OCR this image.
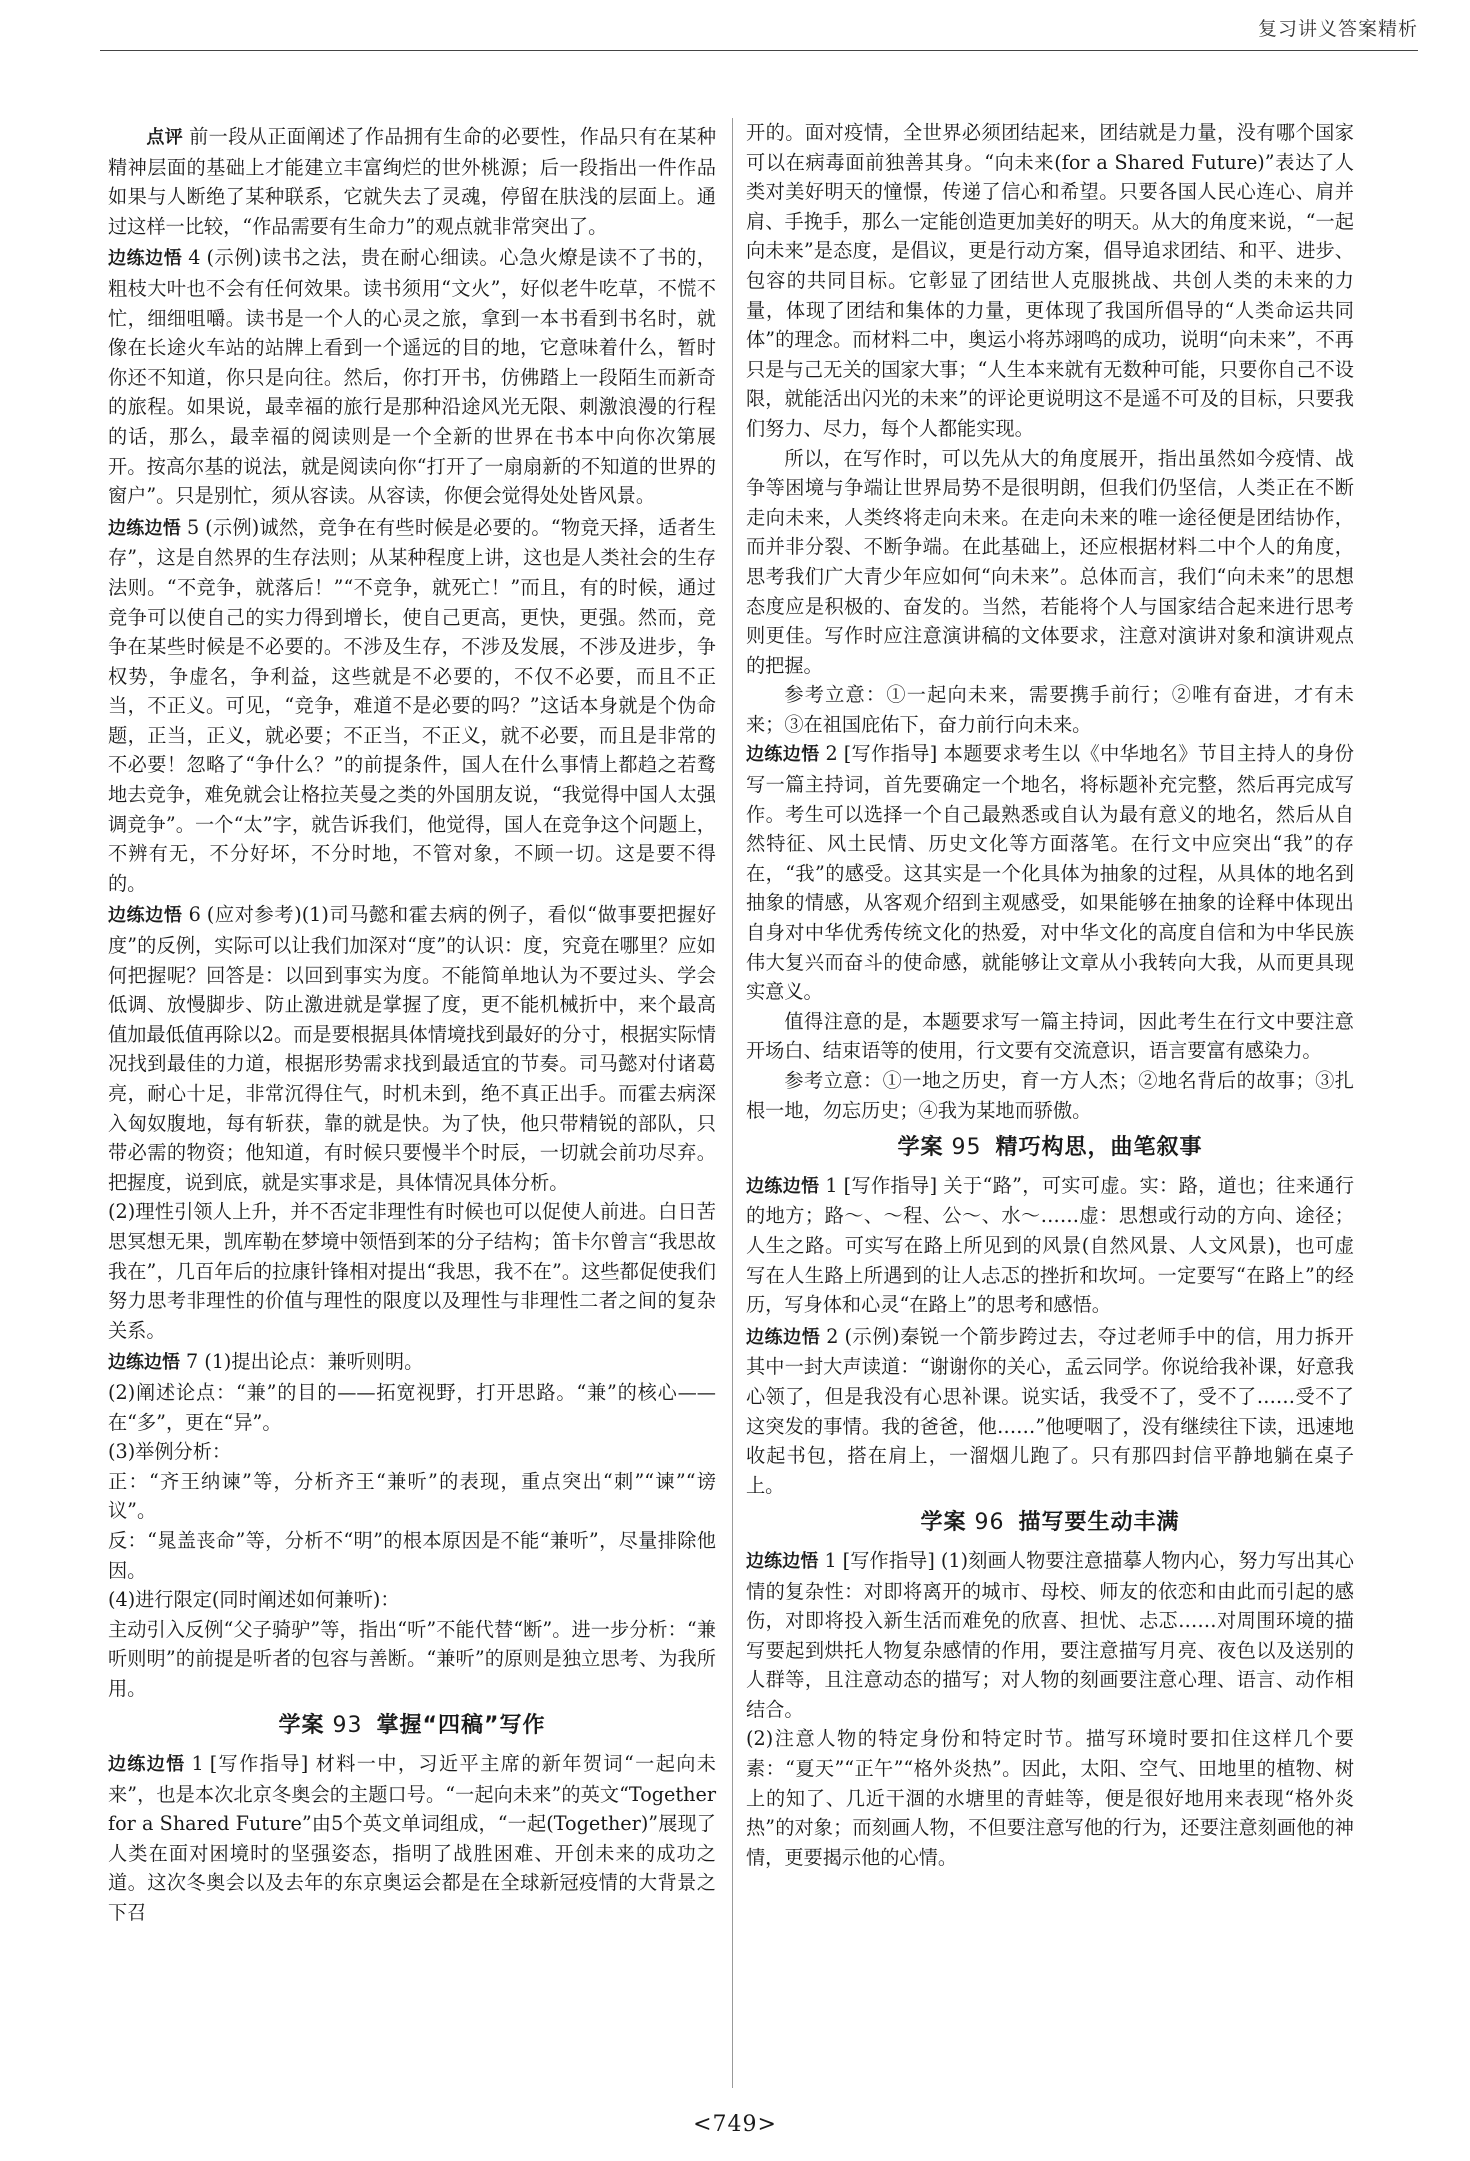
复习讲义答案精析

点评 前一段从正面阐述了作品拥有生命的必要性，作品只有在某种精神层面的基础上才能建立丰富绚烂的世外桃源；后一段指出一件作品如果与人断绝了某种联系，它就失去了灵魂，停留在肤浅的层面上。通过这样一比较，“作品需要有生命力”的观点就非常突出了。

边练边悟 4 (示例)读书之法，贵在耐心细读。心急火燎是读不了书的，粗枝大叶也不会有任何效果。读书须用“文火”，好似老牛吃草，不慌不忙，细细咀嚼。读书是一个人的心灵之旅，拿到一本书看到书名时，就像在长途火车站的站牌上看到一个遥远的目的地，它意味着什么，暂时你还不知道，你只是向往。然后，你打开书，仿佛踏上一段陌生而新奇的旅程。如果说，最幸福的旅行是那种沿途风光无限、刺激浪漫的行程的话，那么，最幸福的阅读则是一个全新的世界在书本中向你次第展开。按高尔基的说法，就是阅读向你“打开了一扇扇新的不知道的世界的窗户”。只是别忙，须从容读。从容读，你便会觉得处处皆风景。

边练边悟 5 (示例)诚然，竞争在有些时候是必要的。“物竞天择，适者生存”，这是自然界的生存法则；从某种程度上讲，这也是人类社会的生存法则。“不竞争，就落后！”“不竞争，就死亡！”而且，有的时候，通过竞争可以使自己的实力得到增长，使自己更高，更快，更强。然而，竞争在某些时候是不必要的。不涉及生存，不涉及发展，不涉及进步，争权势，争虚名，争利益，这些就是不必要的，不仅不必要，而且不正当，不正义。可见，“竞争，难道不是必要的吗？”这话本身就是个伪命题，正当，正义，就必要；不正当，不正义，就不必要，而且是非常的不必要！忽略了“争什么？”的前提条件，国人在什么事情上都趋之若鹜地去竞争，难免就会让格拉芙曼之类的外国朋友说，“我觉得中国人太强调竞争”。一个“太”字，就告诉我们，他觉得，国人在竞争这个问题上，不辨有无，不分好坏，不分时地，不管对象，不顾一切。这是要不得的。

边练边悟 6 (应对参考)(1)司马懿和霍去病的例子，看似“做事要把握好度”的反例，实际可以让我们加深对“度”的认识：度，究竟在哪里？应如何把握呢？回答是：以回到事实为度。不能简单地认为不要过头、学会低调、放慢脚步、防止激进就是掌握了度，更不能机械折中，来个最高值加最低值再除以2。而是要根据具体情境找到最好的分寸，根据实际情况找到最佳的力道，根据形势需求找到最适宜的节奏。司马懿对付诸葛亮，耐心十足，非常沉得住气，时机未到，绝不真正出手。而霍去病深入匈奴腹地，每有斩获，靠的就是快。为了快，他只带精锐的部队，只带必需的物资；他知道，有时候只要慢半个时辰，一切就会前功尽弃。把握度，说到底，就是实事求是，具体情况具体分析。

(2)理性引领人上升，并不否定非理性有时候也可以促使人前进。白日苦思冥想无果，凯库勒在梦境中领悟到苯的分子结构；笛卡尔曾言“我思故我在”，几百年后的拉康针锋相对提出“我思，我不在”。这些都促使我们努力思考非理性的价值与理性的限度以及理性与非理性二者之间的复杂关系。

边练边悟 7 (1)提出论点：兼听则明。

(2)阐述论点：“兼”的目的——拓宽视野，打开思路。“兼”的核心——在“多”，更在“异”。

(3)举例分析：

正：“齐王纳谏”等，分析齐王“兼听”的表现，重点突出“刺”“谏”“谤议”。

反：“晁盖丧命”等，分析不“明”的根本原因是不能“兼听”，尽量排除他因。

(4)进行限定(同时阐述如何兼听)：

主动引入反例“父子骑驴”等，指出“听”不能代替“断”。进一步分析：“兼听则明”的前提是听者的包容与善断。“兼听”的原则是独立思考、为我所用。

学案 93 掌握“四稿”写作

边练边悟 1 [写作指导] 材料一中，习近平主席的新年贺词“一起向未来”，也是本次北京冬奥会的主题口号。“一起向未来”的英文“Together for a Shared Future”由5个英文单词组成，“一起(Together)”展现了人类在面对困境时的坚强姿态，指明了战胜困难、开创未来的成功之道。这次冬奥会以及去年的东京奥运会都是在全球新冠疫情的大背景之下召

开的。面对疫情，全世界必须团结起来，团结就是力量，没有哪个国家可以在病毒面前独善其身。“向未来(for a Shared Future)”表达了人类对美好明天的憧憬，传递了信心和希望。只要各国人民心连心、肩并肩、手挽手，那么一定能创造更加美好的明天。从大的角度来说，“一起向未来”是态度，是倡议，更是行动方案，倡导追求团结、和平、进步、包容的共同目标。它彰显了团结世人克服挑战、共创人类的未来的力量，体现了团结和集体的力量，更体现了我国所倡导的“人类命运共同体”的理念。而材料二中，奥运小将苏翊鸣的成功，说明“向未来”，不再只是与己无关的国家大事；“人生本来就有无数种可能，只要你自己不设限，就能活出闪光的未来”的评论更说明这不是遥不可及的目标，只要我们努力、尽力，每个人都能实现。

所以，在写作时，可以先从大的角度展开，指出虽然如今疫情、战争等困境与争端让世界局势不是很明朗，但我们仍坚信，人类正在不断走向未来，人类终将走向未来。在走向未来的唯一途径便是团结协作，而并非分裂、不断争端。在此基础上，还应根据材料二中个人的角度，思考我们广大青少年应如何“向未来”。总体而言，我们“向未来”的思想态度应是积极的、奋发的。当然，若能将个人与国家结合起来进行思考则更佳。写作时应注意演讲稿的文体要求，注意对演讲对象和演讲观点的把握。

参考立意：①一起向未来，需要携手前行；②唯有奋进，才有未来；③在祖国庇佑下，奋力前行向未来。

边练边悟 2 [写作指导] 本题要求考生以《中华地名》节目主持人的身份写一篇主持词，首先要确定一个地名，将标题补充完整，然后再完成写作。考生可以选择一个自己最熟悉或自认为最有意义的地名，然后从自然特征、风土民情、历史文化等方面落笔。在行文中应突出“我”的存在，“我”的感受。这其实是一个化具体为抽象的过程，从具体的地名到抽象的情感，从客观介绍到主观感受，如果能够在抽象的诠释中体现出自身对中华优秀传统文化的热爱，对中华文化的高度自信和为中华民族伟大复兴而奋斗的使命感，就能够让文章从小我转向大我，从而更具现实意义。

值得注意的是，本题要求写一篇主持词，因此考生在行文中要注意开场白、结束语等的使用，行文要有交流意识，语言要富有感染力。

参考立意：①一地之历史，育一方人杰；②地名背后的故事；③扎根一地，勿忘历史；④我为某地而骄傲。

学案 95 精巧构思，曲笔叙事

边练边悟 1 [写作指导] 关于“路”，可实可虚。实：路，道也；往来通行的地方；路～、～程、公～、水～……虚：思想或行动的方向、途径；人生之路。可实写在路上所见到的风景(自然风景、人文风景)，也可虚写在人生路上所遇到的让人忐忑的挫折和坎坷。一定要写“在路上”的经历，写身体和心灵“在路上”的思考和感悟。

边练边悟 2 (示例)秦锐一个箭步跨过去，夺过老师手中的信，用力拆开其中一封大声读道：“谢谢你的关心，孟云同学。你说给我补课，好意我心领了，但是我没有心思补课。说实话，我受不了，受不了……受不了这突发的事情。我的爸爸，他……”他哽咽了，没有继续往下读，迅速地收起书包，搭在肩上，一溜烟儿跑了。只有那四封信平静地躺在桌子上。

学案 96 描写要生动丰满

边练边悟 1 [写作指导] (1)刻画人物要注意描摹人物内心，努力写出其心情的复杂性：对即将离开的城市、母校、师友的依恋和由此而引起的感伤，对即将投入新生活而难免的欣喜、担忧、忐忑……对周围环境的描写要起到烘托人物复杂感情的作用，要注意描写月亮、夜色以及送别的人群等，且注意动态的描写；对人物的刻画要注意心理、语言、动作相结合。

(2)注意人物的特定身份和特定时节。描写环境时要扣住这样几个要素：“夏天”“正午”“格外炎热”。因此，太阳、空气、田地里的植物、树上的知了、几近干涸的水塘里的青蛙等，便是很好地用来表现“格外炎热”的对象；而刻画人物，不但要注意写他的行为，还要注意刻画他的神情，更要揭示他的心情。

<749>
